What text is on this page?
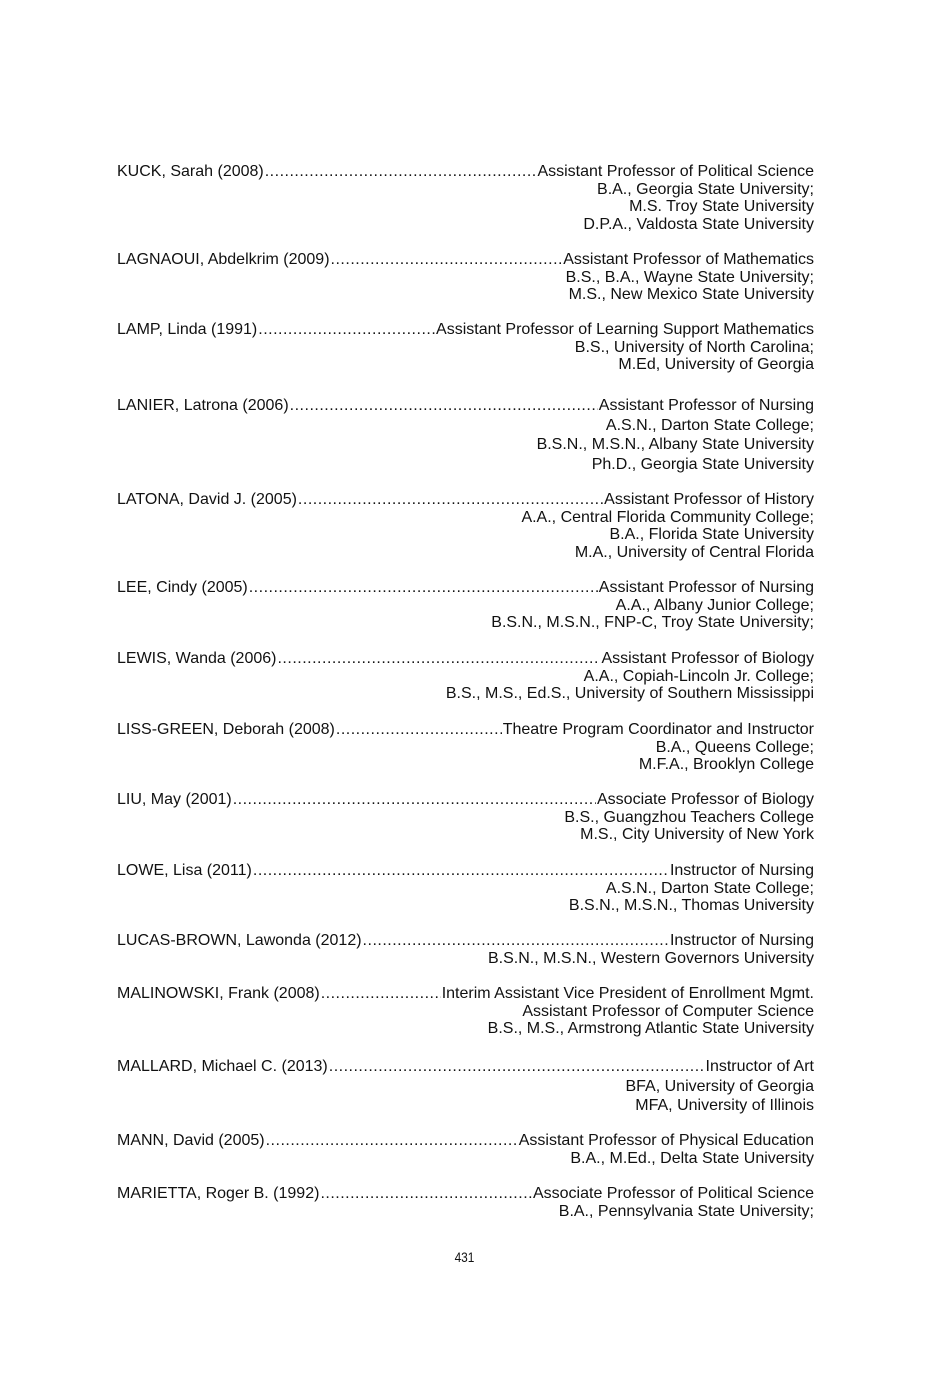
KUCK, Sarah (2008) .....	Assistant Professor of Political Science
B.A., Georgia State University;
M.S. Troy State University
D.P.A., Valdosta State University
LAGNAOUI, Abdelkrim (2009) .....	Assistant Professor of Mathematics
B.S., B.A., Wayne State University;
M.S., New Mexico State University
LAMP, Linda (1991) .....	Assistant Professor of Learning Support Mathematics
B.S., University of North Carolina;
M.Ed, University of Georgia
LANIER, Latrona (2006) .....	Assistant Professor of Nursing
A.S.N., Darton State College;
B.S.N., M.S.N., Albany State University
Ph.D., Georgia State University
LATONA, David J. (2005) .....	Assistant Professor of History
A.A., Central Florida Community College;
B.A., Florida State University
M.A., University of Central Florida
LEE, Cindy (2005) .....	Assistant Professor of Nursing
A.A., Albany Junior College;
B.S.N., M.S.N., FNP-C, Troy State University;
LEWIS, Wanda (2006) .....	Assistant Professor of Biology
A.A., Copiah-Lincoln Jr. College;
B.S., M.S., Ed.S., University of Southern Mississippi
LISS-GREEN, Deborah (2008) .....	Theatre Program Coordinator and Instructor
B.A., Queens College;
M.F.A., Brooklyn College
LIU, May (2001) .....	Associate Professor of Biology
B.S., Guangzhou Teachers College
M.S., City University of New York
LOWE, Lisa (2011) .....	Instructor of Nursing
A.S.N., Darton State College;
B.S.N., M.S.N., Thomas University
LUCAS-BROWN, Lawonda (2012) .....	Instructor of Nursing
B.S.N., M.S.N., Western Governors University
MALINOWSKI, Frank (2008) .....	Interim Assistant Vice President of Enrollment Mgmt.
Assistant Professor of Computer Science
B.S., M.S., Armstrong Atlantic State University
MALLARD, Michael C. (2013) .....	Instructor of Art
BFA, University of Georgia
MFA, University of Illinois
MANN, David (2005) .....	Assistant Professor of Physical Education
B.A., M.Ed., Delta State University
MARIETTA, Roger B. (1992) .....	Associate Professor of Political Science
B.A., Pennsylvania State University;
431
